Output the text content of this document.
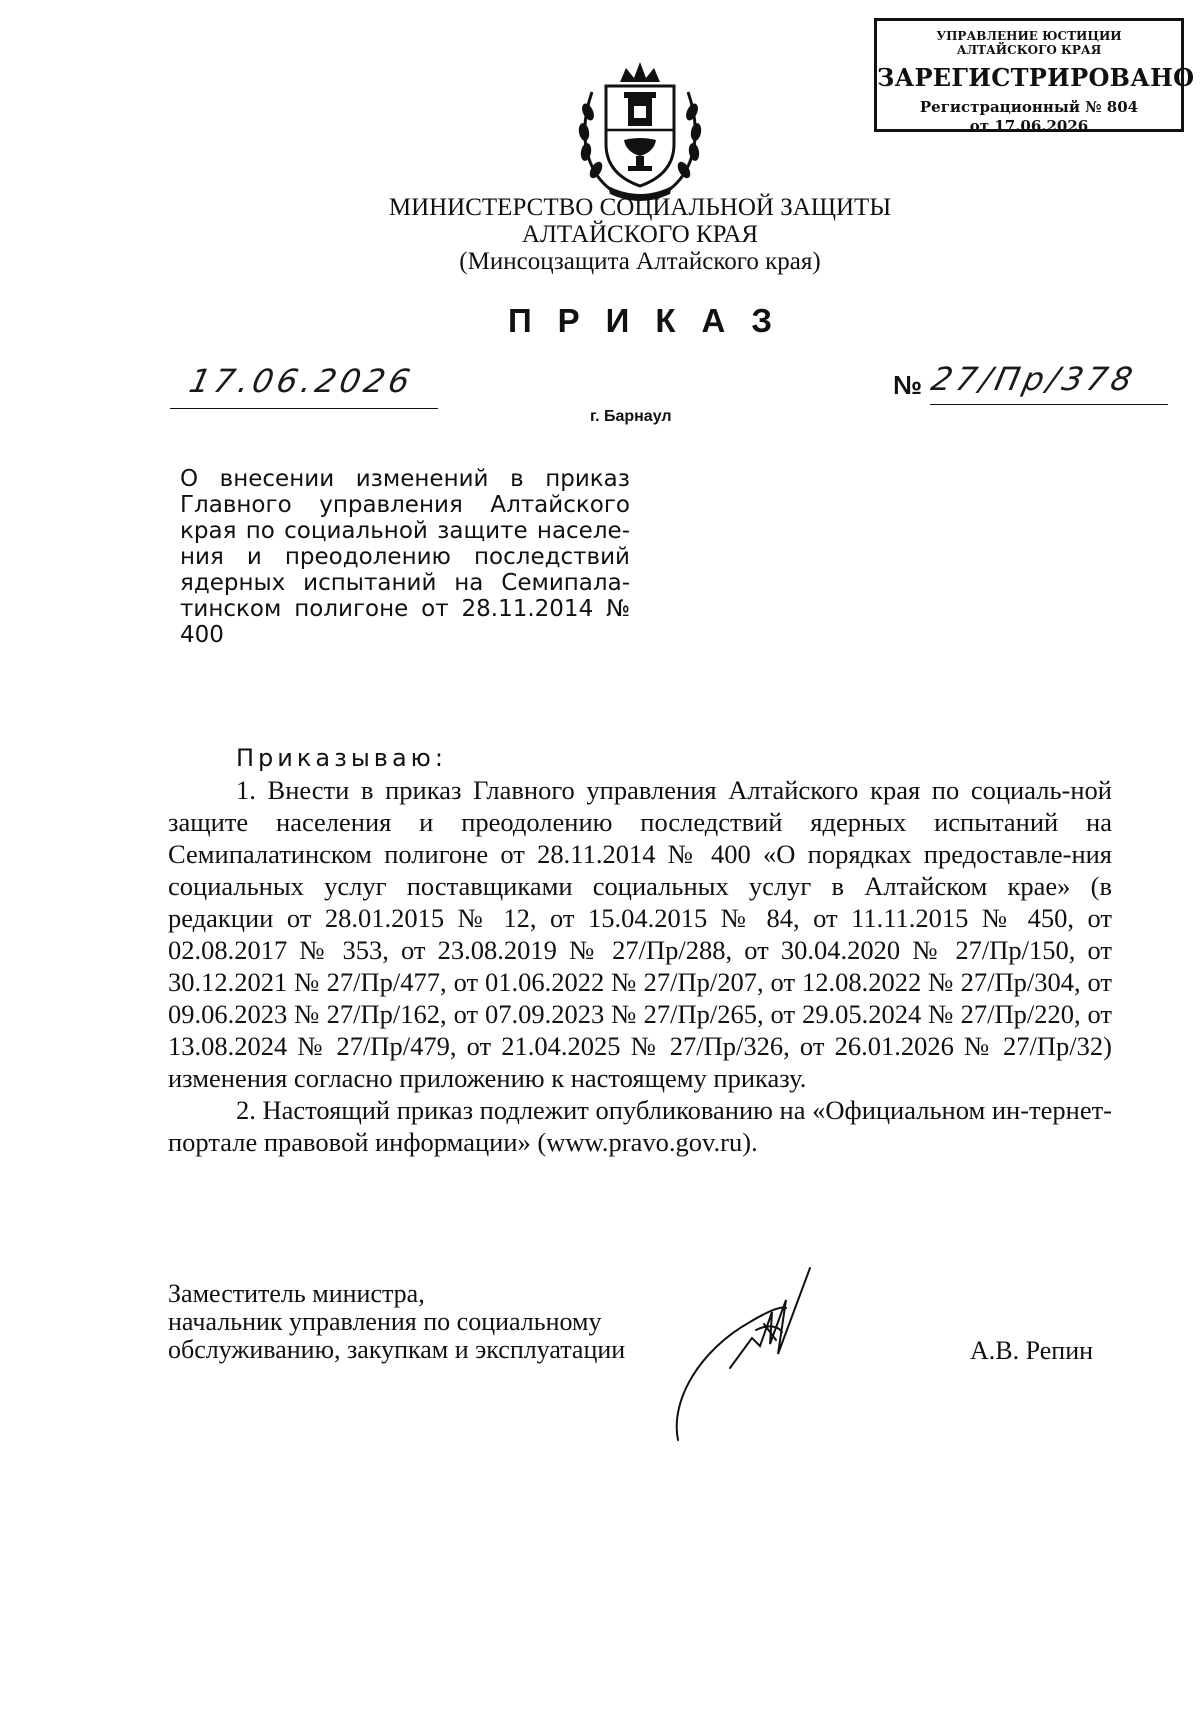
УПРАВЛЕНИЕ ЮСТИЦИИ
АЛТАЙСКОГО КРАЯ
ЗАРЕГИСТРИРОВАНО
Регистрационный № 804
от 17.06.2026
МИНИСТЕРСТВО СОЦИАЛЬНОЙ ЗАЩИТЫ
АЛТАЙСКОГО КРАЯ
(Минсоцзащита Алтайского края)
ПРИКАЗ
17.06.2026	№ 27/Пр/378
г. Барнаул
О внесении изменений в приказ Главного управления Алтайского края по социальной защите населе-ния и преодолению последствий ядерных испытаний на Семипала-тинском полигоне от 28.11.2014 № 400
Приказываю:

1. Внести в приказ Главного управления Алтайского края по социаль-ной защите населения и преодолению последствий ядерных испытаний на Семипалатинском полигоне от 28.11.2014 № 400 «О порядках предоставле-ния социальных услуг поставщиками социальных услуг в Алтайском крае» (в редакции от 28.01.2015 № 12, от 15.04.2015 № 84, от 11.11.2015 № 450, от 02.08.2017 № 353, от 23.08.2019 № 27/Пр/288, от 30.04.2020 № 27/Пр/150, от 30.12.2021 № 27/Пр/477, от 01.06.2022 № 27/Пр/207, от 12.08.2022 № 27/Пр/304, от 09.06.2023 № 27/Пр/162, от 07.09.2023 № 27/Пр/265, от 29.05.2024 № 27/Пр/220, от 13.08.2024 № 27/Пр/479, от 21.04.2025 № 27/Пр/326, от 26.01.2026 № 27/Пр/32) изменения согласно приложению к настоящему приказу.

2. Настоящий приказ подлежит опубликованию на «Официальном ин-тернет-портале правовой информации» (www.pravo.gov.ru).

Заместитель министра,
начальник управления по социальному
обслуживанию, закупкам и эксплуатации	А.В. Репин
